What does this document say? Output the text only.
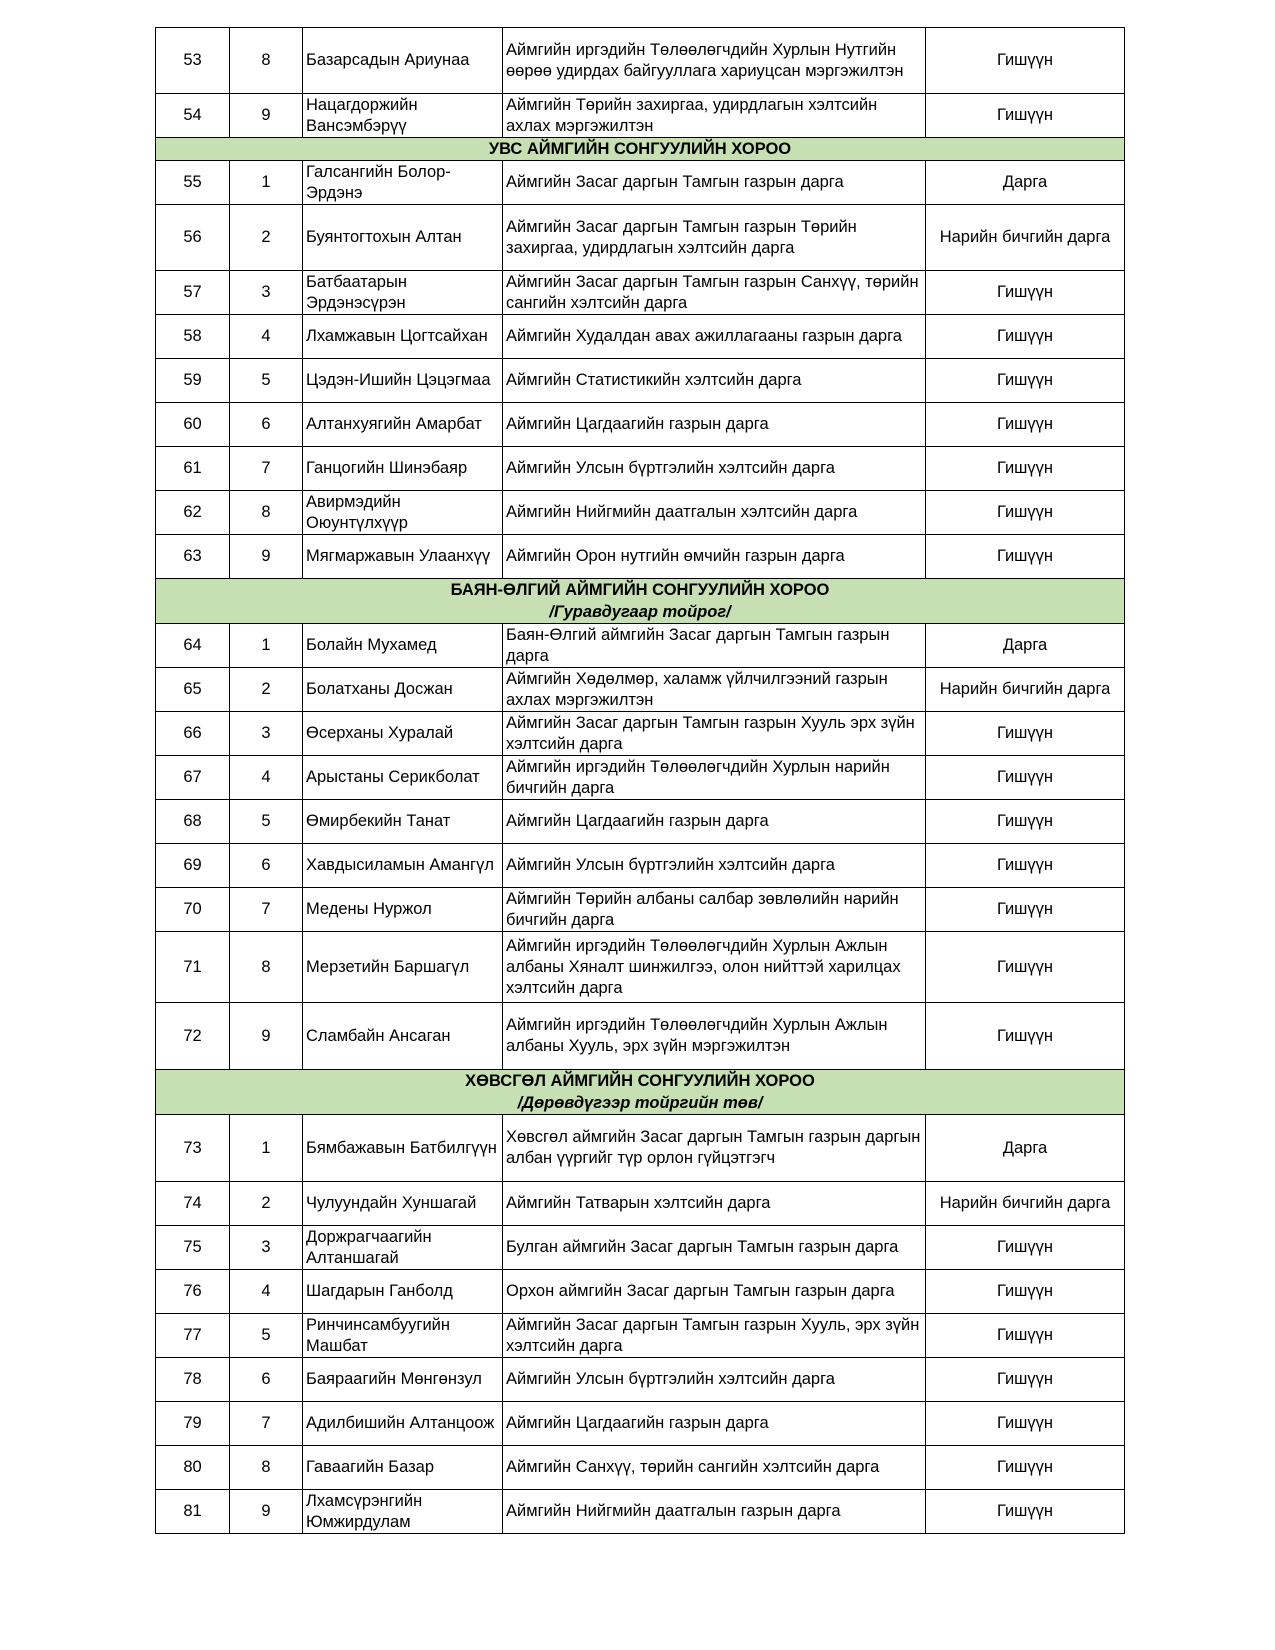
53	8	Базарсадын Ариунаа	Аймгийн иргэдийн Төлөөлөгчдийн Хурлын Нутгийн өөрөө удирдах байгууллага хариуцсан мэргэжилтэн	Гишүүн
54	9	Нацагдоржийн Вансэмбэрүү	Аймгийн Төрийн захиргаа, удирдлагын хэлтсийн ахлах мэргэжилтэн	Гишүүн
УВС АЙМГИЙН СОНГУУЛИЙН ХОРОО				
55	1	Галсангийн Болор-Эрдэнэ	Аймгийн Засаг даргын Тамгын газрын дарга	Дарга
56	2	Буянтогтохын Алтан	Аймгийн Засаг даргын Тамгын газрын Төрийн захиргаа, удирдлагын хэлтсийн дарга	Нарийн бичгийн дарга
57	3	Батбаатарын Эрдэнэсүрэн	Аймгийн Засаг даргын Тамгын газрын Санхүү, төрийн сангийн хэлтсийн дарга	Гишүүн
58	4	Лхамжавын Цогтсайхан	Аймгийн Худалдан авах ажиллагааны газрын дарга	Гишүүн
59	5	Цэдэн-Ишийн Цэцэгмаа	Аймгийн Статистикийн хэлтсийн дарга	Гишүүн
60	6	Алтанхуягийн Амарбат	Аймгийн Цагдаагийн газрын дарга	Гишүүн
61	7	Ганцогийн Шинэбаяр	Аймгийн Улсын бүртгэлийн хэлтсийн дарга	Гишүүн
62	8	Авирмэдийн Оюунтүлхүүр	Аймгийн Нийгмийн даатгалын хэлтсийн дарга	Гишүүн
63	9	Мягмаржавын Улаанхүү	Аймгийн Орон нутгийн өмчийн газрын дарга	Гишүүн
БАЯН-ӨЛГИЙ АЙМГИЙН СОНГУУЛИЙН ХОРОО
/Гуравдугаар тойрог/				

64	1	Болайн Мухамед	Баян-Өлгий аймгийн Засаг даргын Тамгын газрын дарга	Дарга
65	2	Болатханы Досжан	Аймгийн Хөдөлмөр, халамж үйлчилгээний газрын ахлах мэргэжилтэн	Нарийн бичгийн дарга
66	3	Өсерханы Хуралай	Аймгийн Засаг даргын Тамгын газрын Хууль эрх зүйн хэлтсийн дарга	Гишүүн
67	4	Арыстаны Серикболат	Аймгийн иргэдийн Төлөөлөгчдийн Хурлын нарийн бичгийн дарга	Гишүүн
68	5	Өмирбекийн Танат	Аймгийн Цагдаагийн газрын дарга	Гишүүн
69	6	Хавдысиламын Амангүл	Аймгийн Улсын бүртгэлийн хэлтсийн дарга	Гишүүн
70	7	Медены Нуржол	Аймгийн Төрийн албаны салбар зөвлөлийн нарийн бичгийн дарга	Гишүүн
71	8	Мерзетийн Баршагүл	Аймгийн иргэдийн Төлөөлөгчдийн Хурлын Ажлын албаны Хяналт шинжилгээ, олон нийттэй харилцах хэлтсийн дарга	Гишүүн
72	9	Сламбайн Ансаган	Аймгийн иргэдийн Төлөөлөгчдийн Хурлын Ажлын албаны Хууль, эрх зүйн мэргэжилтэн	Гишүүн
ХӨВСГӨЛ АЙМГИЙН СОНГУУЛИЙН ХОРОО
/Дөрөвдүгээр тойргийн төв/				

73	1	Бямбажавын Батбилгүүн	Хөвсгөл аймгийн Засаг даргын Тамгын газрын даргын албан үүргийг түр орлон гүйцэтгэгч	Дарга
74	2	Чулуундайн Хуншагай	Аймгийн Татварын хэлтсийн дарга	Нарийн бичгийн дарга
75	3	Доржрагчаагийн Алтаншагай	Булган аймгийн Засаг даргын Тамгын газрын дарга	Гишүүн
76	4	Шагдарын Ганболд	Орхон аймгийн Засаг даргын Тамгын газрын дарга	Гишүүн
77	5	Ринчинсамбуугийн Машбат	Аймгийн Засаг даргын Тамгын газрын Хууль, эрх зүйн хэлтсийн дарга	Гишүүн
78	6	Баяраагийн Мөнгөнзул	Аймгийн Улсын бүртгэлийн хэлтсийн дарга	Гишүүн
79	7	Адилбишийн Алтанцоож	Аймгийн Цагдаагийн газрын дарга	Гишүүн
80	8	Гаваагийн Базар	Аймгийн Санхүү, төрийн сангийн хэлтсийн дарга	Гишүүн
81	9	Лхамсүрэнгийн Юмжирдулам	Аймгийн Нийгмийн даатгалын газрын дарга	Гишүүн
